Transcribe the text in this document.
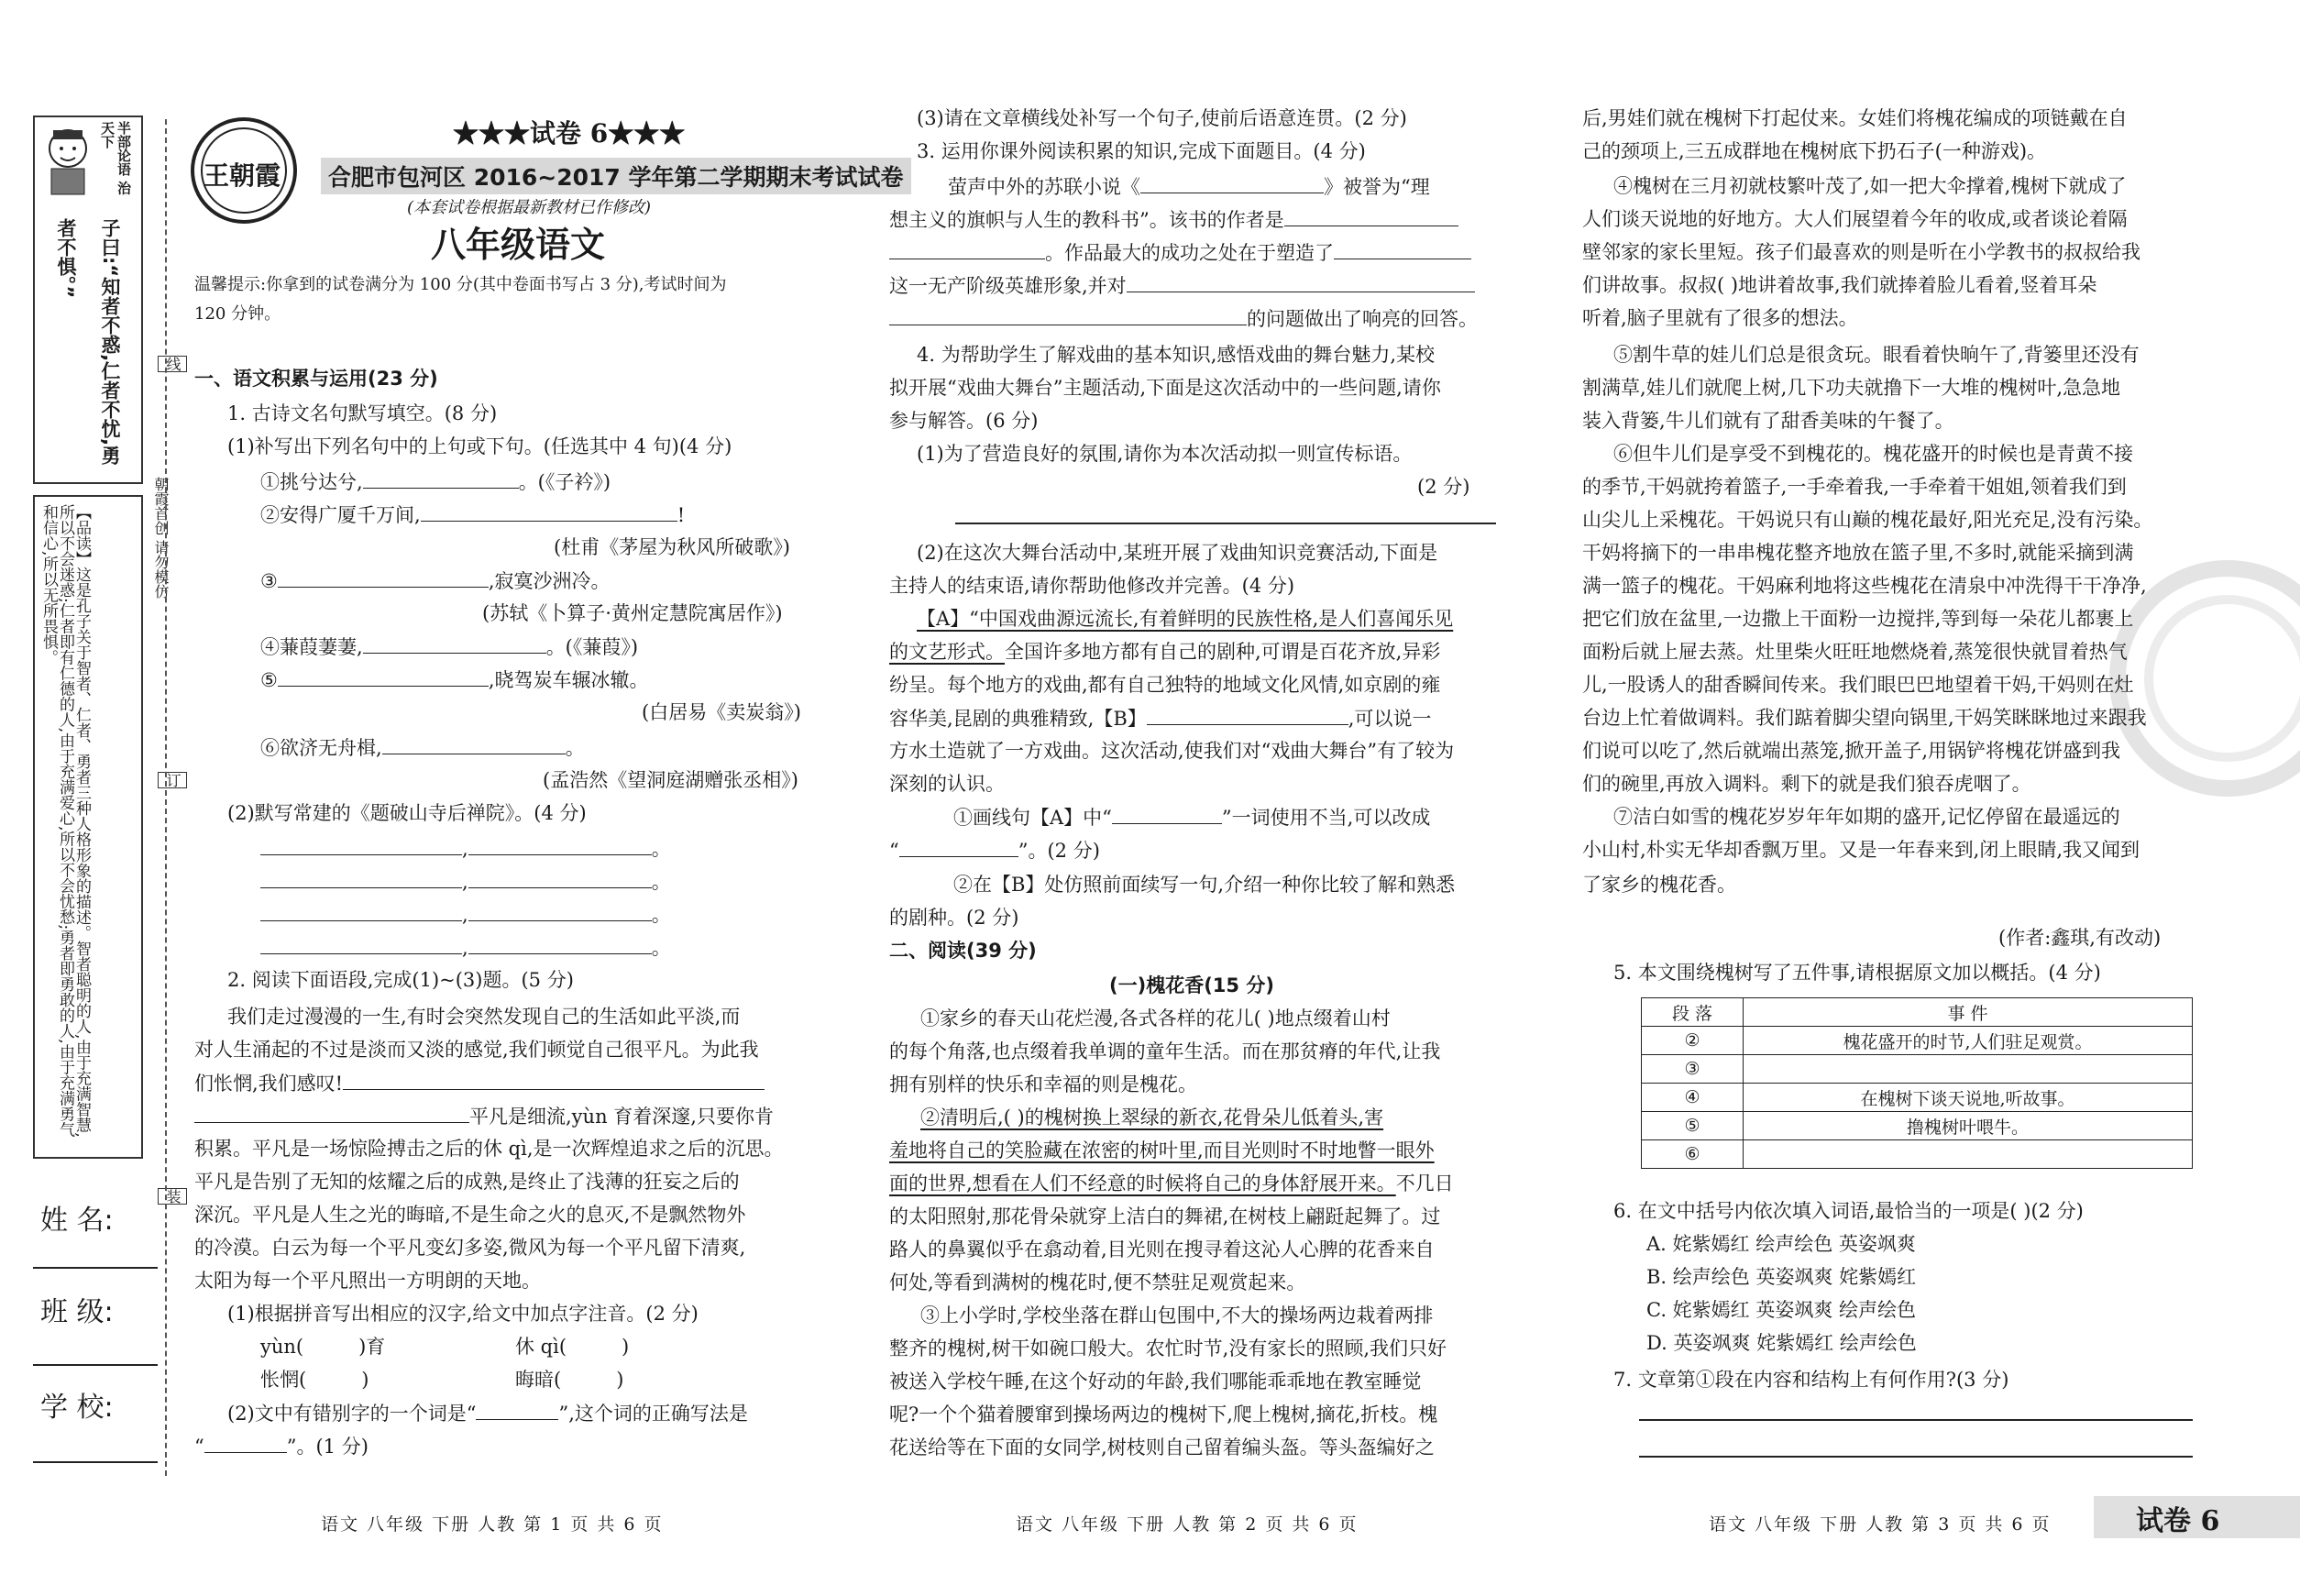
半部论语 治天下
子曰:“知者不惑,仁者不忧,勇者不惧。”
【品读】这是孔子关于智者、仁者、勇者三种人格形象的描述。智者聪明的人,由于充满智慧,所以不会迷惑;仁者即有仁德的人,由于充满爱心,所以不会忧愁;勇者即勇敢的人,由于充满勇气和信心,所以无所畏惧。
线
朝霞首创 请勿模仿
订
装
姓 名:
班 级:
学 校:
王朝霞
★★★试卷 6★★★
合肥市包河区 2016~2017 学年第二学期期末考试试卷
(本套试卷根据最新教材已作修改)
八年级语文
温馨提示:你拿到的试卷满分为 100 分(其中卷面书写占 3 分),考试时间为
120 分钟。
一、语文积累与运用(23 分)
1. 古诗文名句默写填空。(8 分)
(1)补写出下列名句中的上句或下句。(任选其中 4 句)(4 分)
①挑兮达兮,	。(《子衿》)
②安得广厦千万间,	!
(杜甫《茅屋为秋风所破歌》)
③	,寂寞沙洲冷。
(苏轼《卜算子·黄州定慧院寓居作》)
④蒹葭萋萋,	。(《蒹葭》)
⑤	,晓驾炭车辗冰辙。
(白居易《卖炭翁》)
⑥欲济无舟楫,	。
(孟浩然《望洞庭湖赠张丞相》)
(2)默写常建的《题破山寺后禅院》。(4 分)
,	。
,	。
,	。
,	。
2. 阅读下面语段,完成(1)~(3)题。(5 分)
我们走过漫漫的一生,有时会突然发现自己的生活如此平淡,而
对人生涌起的不过是淡而又淡的感觉,我们顿觉自己很平凡。为此我
们怅惘,我们感叹!
平凡是细流,yùn 育着深邃,只要你肯
积累。平凡是一场惊险搏击之后的休 qì,是一次辉煌追求之后的沉思。
平凡是告别了无知的炫耀之后的成熟,是终止了浅薄的狂妄之后的
深沉。平凡是人生之光的晦暗,不是生命之火的息灭,不是飘然物外
的冷漠。白云为每一个平凡变幻多姿,微风为每一个平凡留下清爽,
太阳为每一个平凡照出一方明朗的天地。
(1)根据拼音写出相应的汉字,给文中加点字注音。(2 分)
yùn(	)育	休 qì(	)
怅惘(	)	晦暗(	)
(2)文中有错别字的一个词是“	”,这个词的正确写法是
“	”。(1 分)
语文 八年级 下册 人教 第 1 页 共 6 页
(3)请在文章横线处补写一个句子,使前后语意连贯。(2 分)
3. 运用你课外阅读积累的知识,完成下面题目。(4 分)
萤声中外的苏联小说《	》被誉为“理
想主义的旗帜与人生的教科书”。该书的作者是
。作品最大的成功之处在于塑造了
这一无产阶级英雄形象,并对
的问题做出了响亮的回答。
4. 为帮助学生了解戏曲的基本知识,感悟戏曲的舞台魅力,某校
拟开展“戏曲大舞台”主题活动,下面是这次活动中的一些问题,请你
参与解答。(6 分)
(1)为了营造良好的氛围,请你为本次活动拟一则宣传标语。
(2 分)
(2)在这次大舞台活动中,某班开展了戏曲知识竞赛活动,下面是
主持人的结束语,请你帮助他修改并完善。(4 分)
【A】“中国戏曲源远流长,有着鲜明的民族性格,是人们喜闻乐见
的文艺形式。全国许多地方都有自己的剧种,可谓是百花齐放,异彩
纷呈。每个地方的戏曲,都有自己独特的地域文化风情,如京剧的雍
容华美,昆剧的典雅精致,【B】	,可以说一
方水土造就了一方戏曲。这次活动,使我们对“戏曲大舞台”有了较为
深刻的认识。
①画线句【A】中“	”一词使用不当,可以改成
“	”。(2 分)
②在【B】处仿照前面续写一句,介绍一种你比较了解和熟悉
的剧种。(2 分)
二、阅读(39 分)
(一)槐花香(15 分)
①家乡的春天山花烂漫,各式各样的花儿( )地点缀着山村
的每个角落,也点缀着我单调的童年生活。而在那贫瘠的年代,让我
拥有别样的快乐和幸福的则是槐花。
②清明后,( )的槐树换上翠绿的新衣,花骨朵儿低着头,害
羞地将自己的笑脸藏在浓密的树叶里,而目光则时不时地瞥一眼外
面的世界,想看在人们不经意的时候将自己的身体舒展开来。不几日
的太阳照射,那花骨朵就穿上洁白的舞裙,在树枝上翩跹起舞了。过
路人的鼻翼似乎在翕动着,目光则在搜寻着这沁人心脾的花香来自
何处,等看到满树的槐花时,便不禁驻足观赏起来。
③上小学时,学校坐落在群山包围中,不大的操场两边栽着两排
整齐的槐树,树干如碗口般大。农忙时节,没有家长的照顾,我们只好
被送入学校午睡,在这个好动的年龄,我们哪能乖乖地在教室睡觉
呢?一个个猫着腰窜到操场两边的槐树下,爬上槐树,摘花,折枝。槐
花送给等在下面的女同学,树枝则自己留着编头盔。等头盔编好之
语文 八年级 下册 人教 第 2 页 共 6 页
后,男娃们就在槐树下打起仗来。女娃们将槐花编成的项链戴在自
己的颈项上,三五成群地在槐树底下扔石子(一种游戏)。
④槐树在三月初就枝繁叶茂了,如一把大伞撑着,槐树下就成了
人们谈天说地的好地方。大人们展望着今年的收成,或者谈论着隔
壁邻家的家长里短。孩子们最喜欢的则是听在小学教书的叔叔给我
们讲故事。叔叔( )地讲着故事,我们就捧着脸儿看着,竖着耳朵
听着,脑子里就有了很多的想法。
⑤割牛草的娃儿们总是很贪玩。眼看着快晌午了,背篓里还没有
割满草,娃儿们就爬上树,几下功夫就撸下一大堆的槐树叶,急急地
装入背篓,牛儿们就有了甜香美味的午餐了。
⑥但牛儿们是享受不到槐花的。槐花盛开的时候也是青黄不接
的季节,干妈就挎着篮子,一手牵着我,一手牵着干姐姐,领着我们到
山尖儿上采槐花。干妈说只有山巅的槐花最好,阳光充足,没有污染。
干妈将摘下的一串串槐花整齐地放在篮子里,不多时,就能采摘到满
满一篮子的槐花。干妈麻利地将这些槐花在清泉中冲洗得干干净净,
把它们放在盆里,一边撒上干面粉一边搅拌,等到每一朵花儿都裹上
面粉后就上屉去蒸。灶里柴火旺旺地燃烧着,蒸笼很快就冒着热气
儿,一股诱人的甜香瞬间传来。我们眼巴巴地望着干妈,干妈则在灶
台边上忙着做调料。我们踮着脚尖望向锅里,干妈笑眯眯地过来跟我
们说可以吃了,然后就端出蒸笼,掀开盖子,用锅铲将槐花饼盛到我
们的碗里,再放入调料。剩下的就是我们狼吞虎咽了。
⑦洁白如雪的槐花岁岁年年如期的盛开,记忆停留在最遥远的
小山村,朴实无华却香飘万里。又是一年春来到,闭上眼睛,我又闻到
了家乡的槐花香。
(作者:鑫琪,有改动)
5. 本文围绕槐树写了五件事,请根据原文加以概括。(4 分)
段 落	事 件
②	槐花盛开的时节,人们驻足观赏。
③	
④	在槐树下谈天说地,听故事。
⑤	撸槐树叶喂牛。
⑥	
6. 在文中括号内依次填入词语,最恰当的一项是( )(2 分)
A. 姹紫嫣红 绘声绘色 英姿飒爽
B. 绘声绘色 英姿飒爽 姹紫嫣红
C. 姹紫嫣红 英姿飒爽 绘声绘色
D. 英姿飒爽 姹紫嫣红 绘声绘色
7. 文章第①段在内容和结构上有何作用?(3 分)
语文 八年级 下册 人教 第 3 页 共 6 页	试卷 6
